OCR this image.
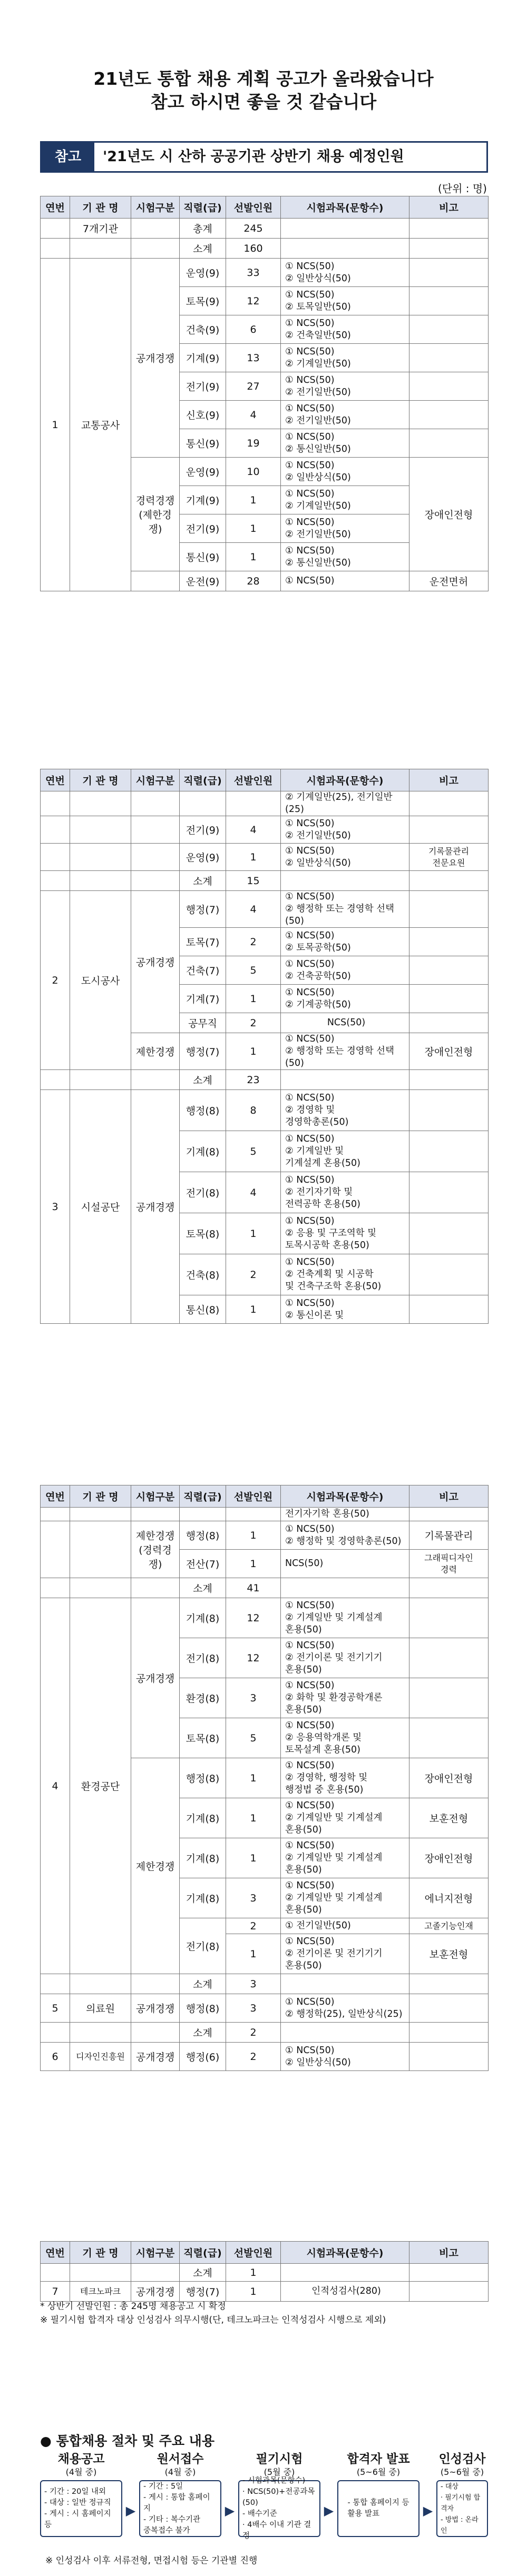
21년도 통합 채용 계획 공고가 올라왔습니다
참고 하시면 좋을 것 같습니다
참고	'21년도 시 산하 공공기관 상반기 채용 예정인원
(단위 : 명)
연번	기 관 명	시험구분	직렬(급)	선발인원	시험과목(문항수)	비고
	7개기관		총계	245		
			소계	160		
1	교통공사	공개경쟁	운영(9)	33	① NCS(50)
② 일반상식(50)	
			토목(9)	12	① NCS(50)
② 토목일반(50)	
			건축(9)	6	① NCS(50)
② 건축일반(50)	
			기계(9)	13	① NCS(50)
② 기계일반(50)	
			전기(9)	27	① NCS(50)
② 전기일반(50)	
			신호(9)	4	① NCS(50)
② 전기일반(50)	
			통신(9)	19	① NCS(50)
② 통신일반(50)	
		경력경쟁
(제한경쟁)	운영(9)	10	① NCS(50)
② 일반상식(50)	장애인전형
			기계(9)	1	① NCS(50)
② 기계일반(50)	
			전기(9)	1	① NCS(50)
② 전기일반(50)	
			통신(9)	1	① NCS(50)
② 통신일반(50)	
			운전(9)	28	① NCS(50)	운전면허
연번	기 관 명	시험구분	직렬(급)	선발인원	시험과목(문항수)	비고
					② 기계일반(25), 전기일반(25)	
			전기(9)	4	① NCS(50)
② 전기일반(50)	
			운영(9)	1	① NCS(50)
② 일반상식(50)	기록물관리
전문요원
			소계	15		
2	도시공사	공개경쟁	행정(7)	4	① NCS(50)
② 행정학 또는 경영학 선택(50)	
			토목(7)	2	① NCS(50)
② 토목공학(50)	
			건축(7)	5	① NCS(50)
② 건축공학(50)	
			기계(7)	1	① NCS(50)
② 기계공학(50)	
			공무직	2	NCS(50)	
		제한경쟁	행정(7)	1	① NCS(50)
② 행정학 또는 경영학 선택(50)	장애인전형
			소계	23		
3	시설공단	공개경쟁	행정(8)	8	① NCS(50)
② 경영학 및
경영학총론(50)	
			기계(8)	5	① NCS(50)
② 기계일반 및
기계설계 혼용(50)	
			전기(8)	4	① NCS(50)
② 전기자기학 및
전력공학 혼용(50)	
			토목(8)	1	① NCS(50)
② 응용 및 구조역학 및
토목시공학 혼용(50)	
			건축(8)	2	① NCS(50)
② 건축계획 및 시공학
및 건축구조학 혼용(50)	
			통신(8)	1	① NCS(50)
② 통신이론 및	
연번	기 관 명	시험구분	직렬(급)	선발인원	시험과목(문항수)	비고
					전기자기학 혼용(50)	
		제한경쟁
(경력경쟁)	행정(8)	1	① NCS(50)
② 행정학 및 경영학총론(50)	기록물관리
			전산(7)	1	NCS(50)	그래픽디자인
경력
			소계	41		
4	환경공단	공개경쟁	기계(8)	12	① NCS(50)
② 기계일반 및 기계설계
혼용(50)	
			전기(8)	12	① NCS(50)
② 전기이론 및 전기기기
혼용(50)	
			환경(8)	3	① NCS(50)
② 화학 및 환경공학개론
혼용(50)	
			토목(8)	5	① NCS(50)
② 응용역학개론 및
토목설계 혼용(50)	
		제한경쟁	행정(8)	1	① NCS(50)
② 경영학, 행정학 및
행정법 중 혼용(50)	장애인전형
			기계(8)	1	① NCS(50)
② 기계일반 및 기계설계
혼용(50)	보훈전형
			기계(8)	1	① NCS(50)
② 기계일반 및 기계설계
혼용(50)	장애인전형
			기계(8)	3	① NCS(50)
② 기계일반 및 기계설계
혼용(50)	에너지전형
			전기(8)	2	① 전기일반(50)	고졸기능인재
				1	① NCS(50)
② 전기이론 및 전기기기
혼용(50)	보훈전형
			소계	3		
5	의료원	공개경쟁	행정(8)	3	① NCS(50)
② 행정학(25), 일반상식(25)	
			소계	2		
6	디자인진흥원	공개경쟁	행정(6)	2	① NCS(50)
② 일반상식(50)	
연번	기 관 명	시험구분	직렬(급)	선발인원	시험과목(문항수)	비고
			소계	1		
7	테크노파크	공개경쟁	행정(7)	1	인적성검사(280)	
* 상반기 선발인원 : 총 245명 채용공고 시 확정
※ 필기시험 합격자 대상 인성검사 의무시행(단, 테크노파크는 인적성검사 시행으로 제외)
● 통합채용 절차 및 주요 내용
채용공고
(4월 중)
- 기간 : 20일 내외
- 대상 : 일반 정규직
- 게시 : 시 홈페이지 등
▶
원서접수
(4월 중)
- 기간 : 5일
- 게시 : 통합 홈페이지
- 기타 : 복수기관
중복접수 불가
▶
필기시험
(5월 중)
- 시험과목(문항수)
· NCS(50)+전공과목(50)
- 배수기준
· 4배수 이내 기관 결정
▶
합격자 발표
(5~6월 중)
- 통합 홈페이지 등
활용 발표	▶
인성검사
(5~6월 중)
- 대상
· 필기시험 합격자
- 방법 : 온라인
※ 인성검사 이후 서류전형, 면접시험 등은 기관별 진행
